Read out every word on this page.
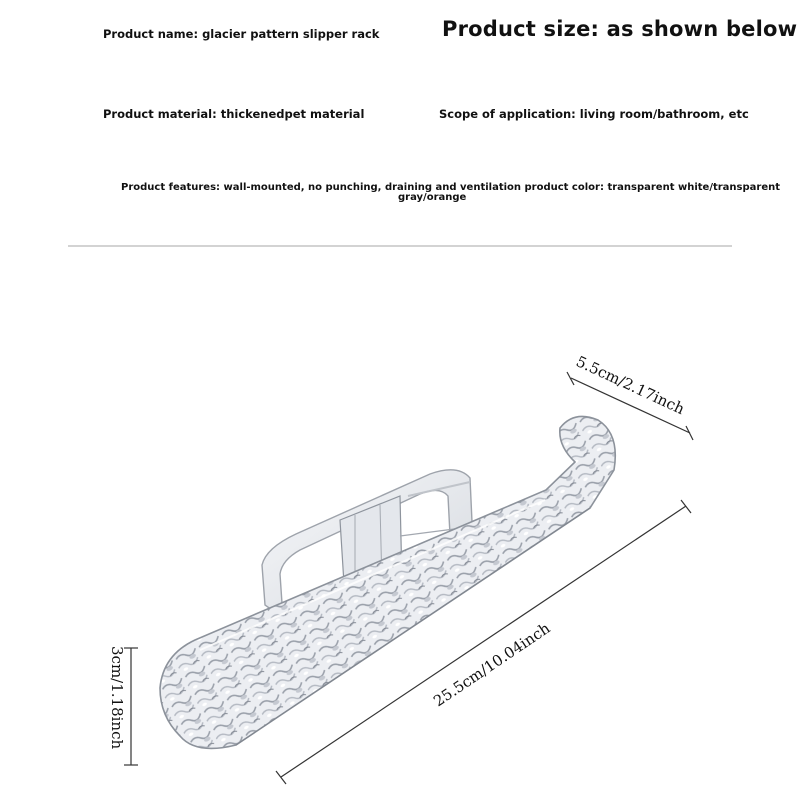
Product name: glacier pattern slipper rack	Product size: as shown below
Product material: thickenedpet material	Scope of application: living room/bathroom, etc
Product features: wall-mounted, no punching, draining and ventilation product color: transparent white/transparent
gray/orange
5.5cm/2.17inch
25.5cm/10.04inch
3cm/1.18inch
